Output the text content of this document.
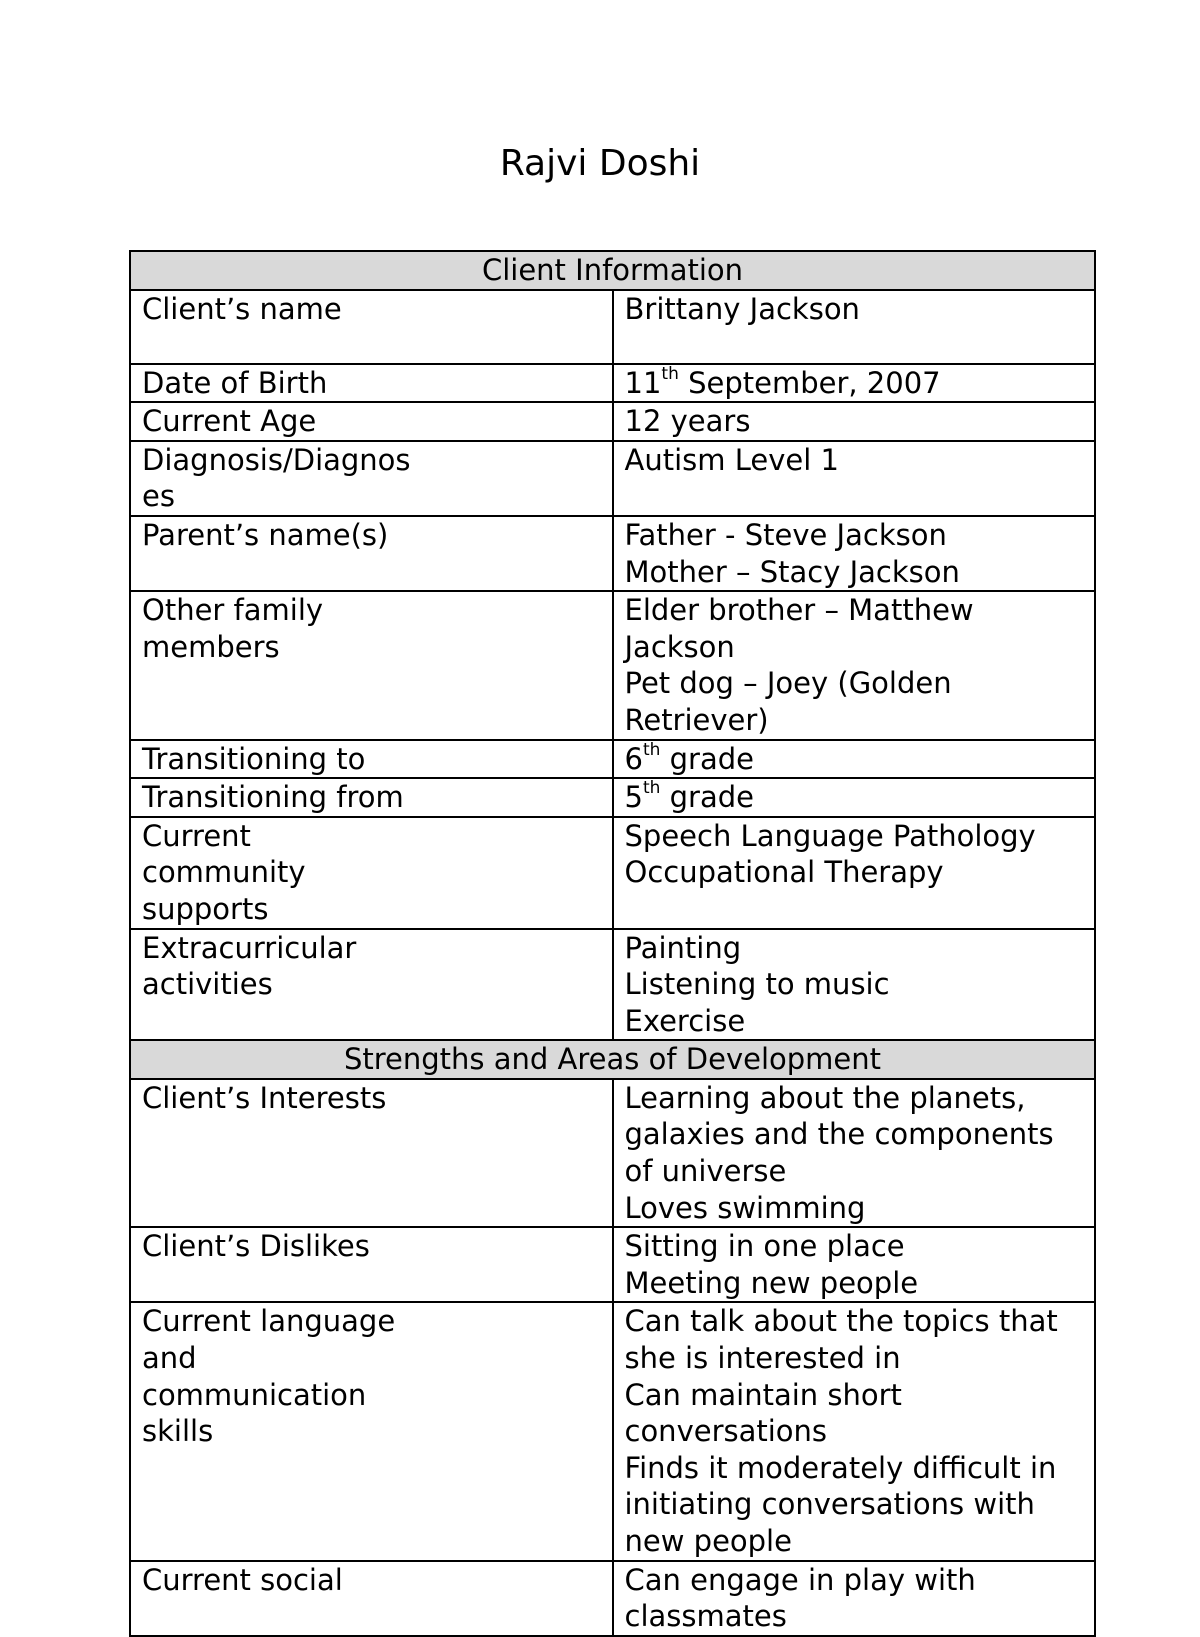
Rajvi Doshi
Client Information	
Client’s name	Brittany Jackson

Date of Birth	11th September, 2007

Current Age	12 years

Diagnosis/Diagnos
es	Autism Level 1

Parent’s name(s)	Father - Steve Jackson
Mother – Stacy Jackson

Other family
members	Elder brother – Matthew Jackson
Pet dog – Joey (Golden Retriever)

Transitioning to	6th grade

Transitioning from	5th grade

Current
community
supports	Speech Language Pathology
Occupational Therapy

Extracurricular
activities	Painting
Listening to music
Exercise

Strengths and Areas of Development	
Client’s Interests	Learning about the planets, galaxies and the components of universe
Loves swimming

Client’s Dislikes	Sitting in one place
Meeting new people

Current language
and
communication
skills	Can talk about the topics that she is interested in
Can maintain short conversations
Finds it moderately difficult in initiating conversations with new people

Current social	Can engage in play with classmates
